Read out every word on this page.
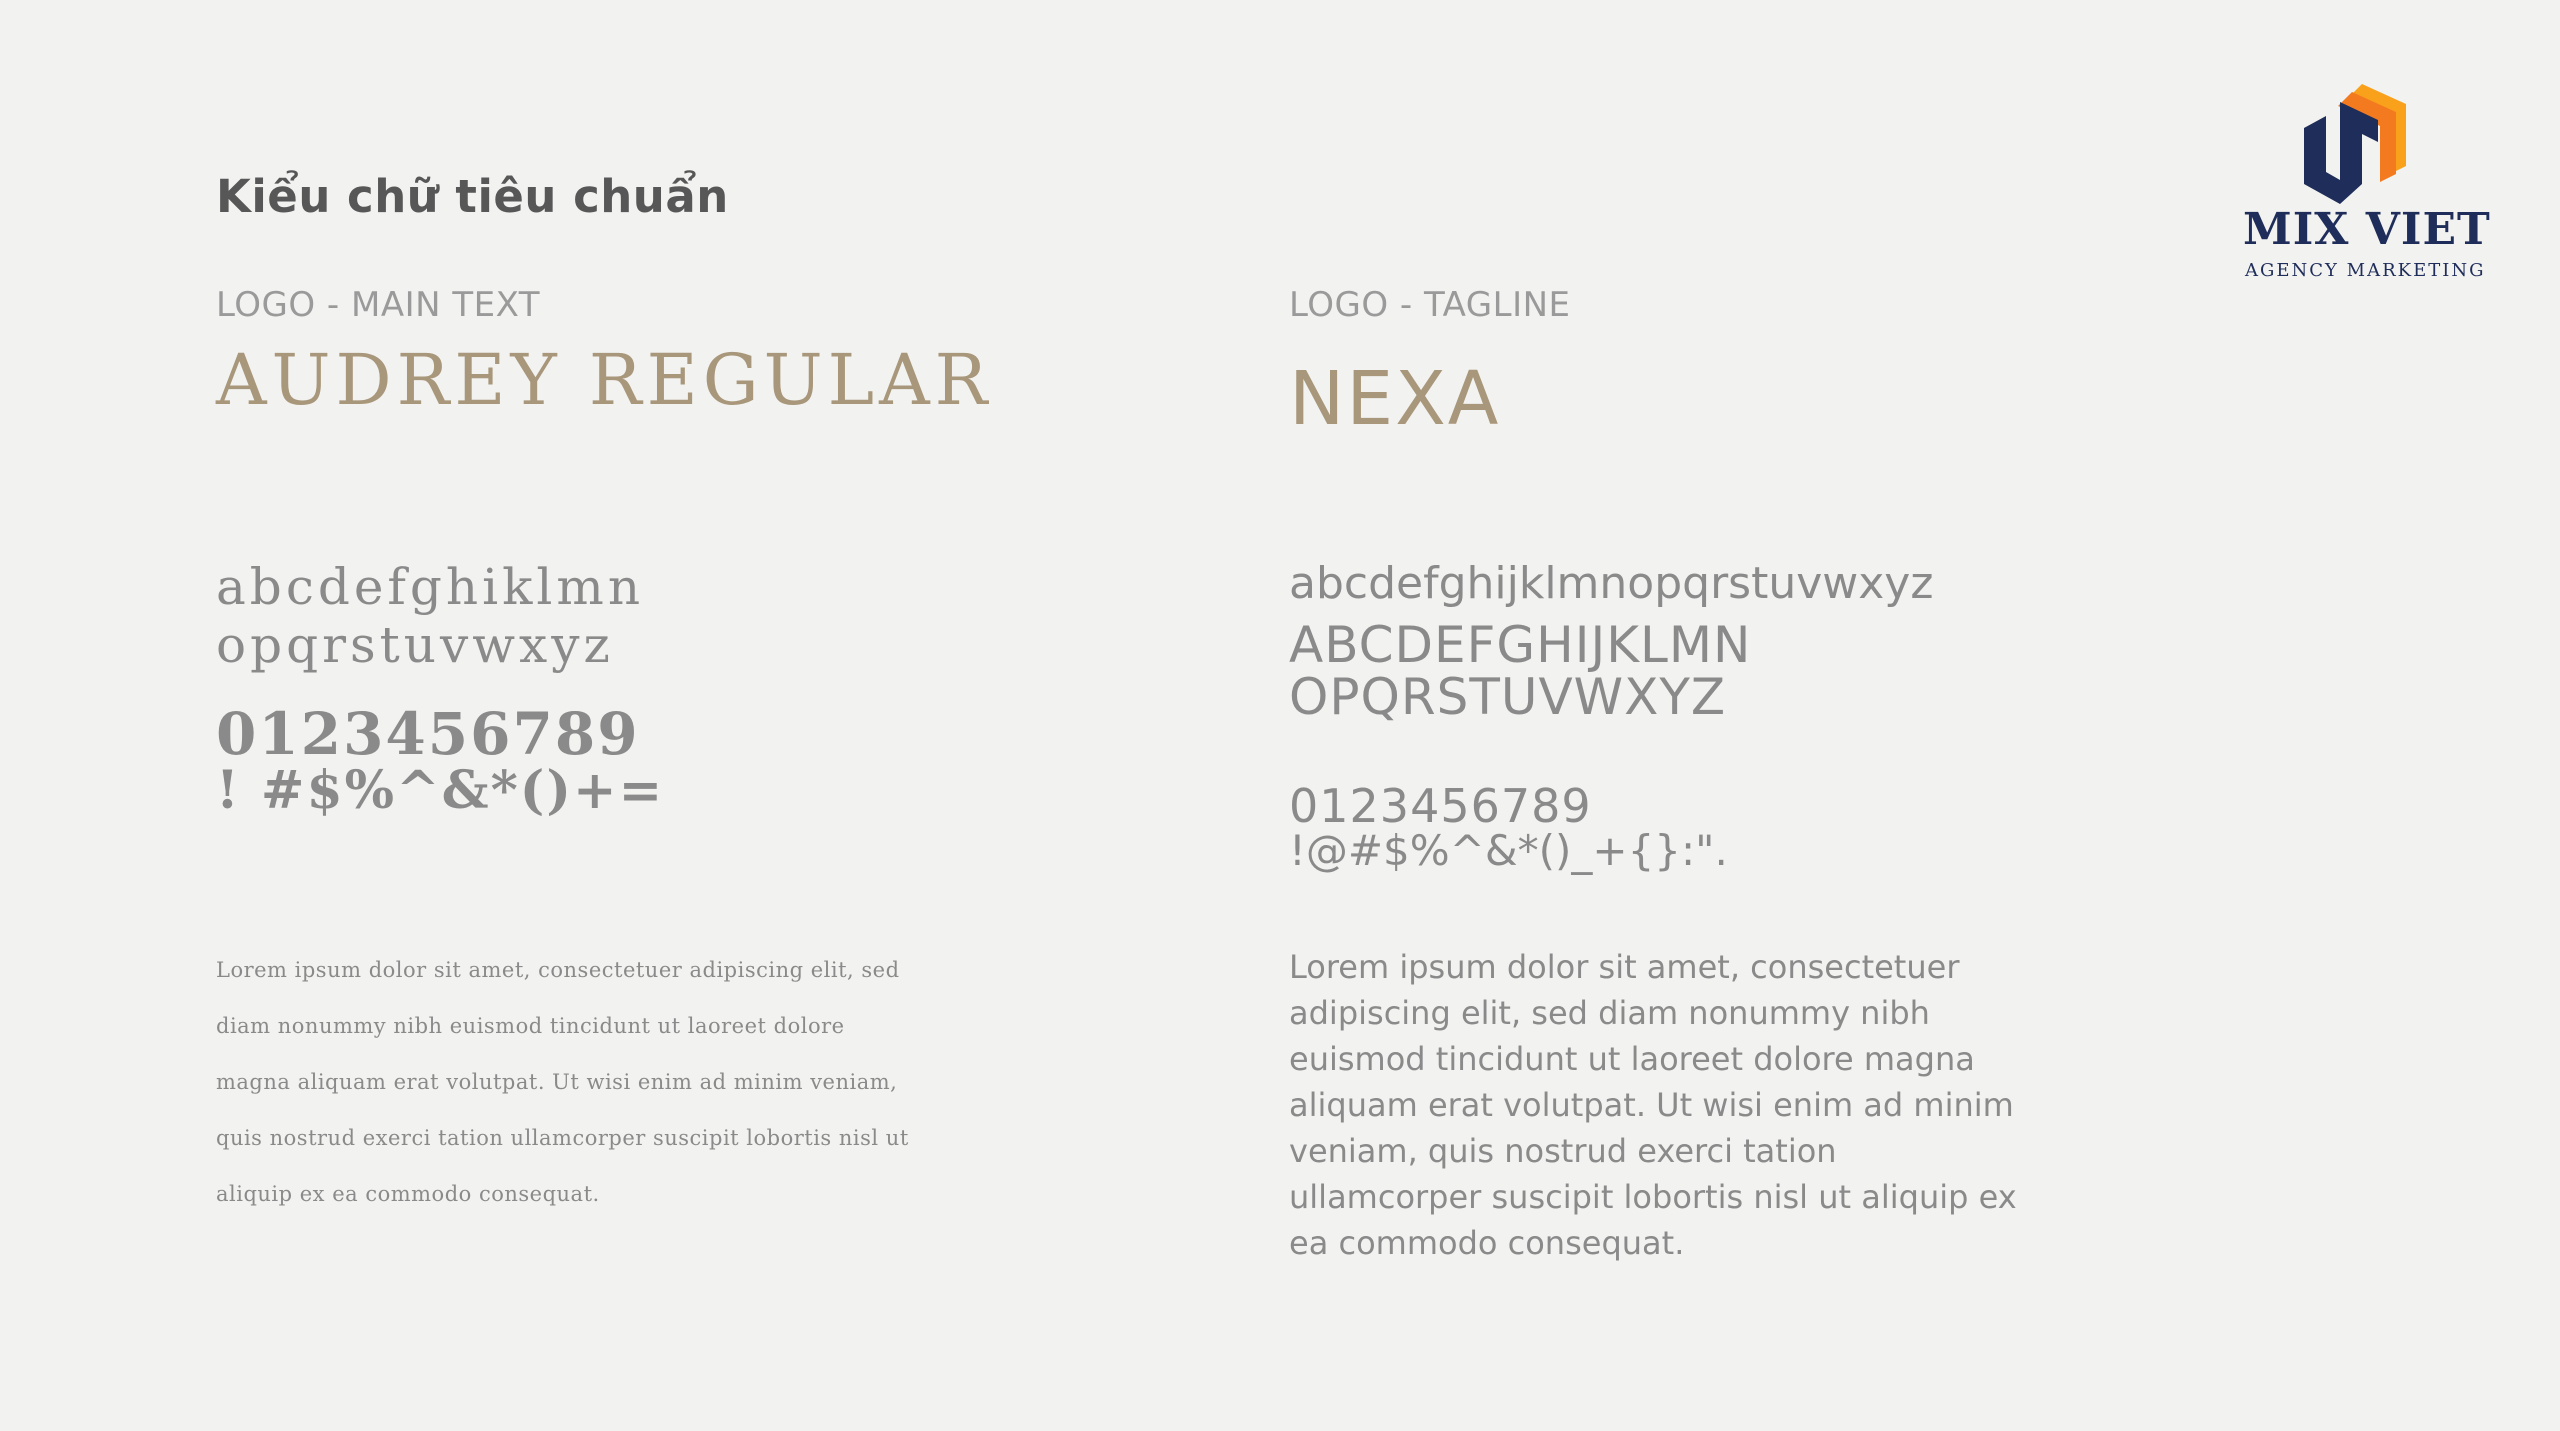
Kiểu chữ tiêu chuẩn
LOGO - MAIN TEXT	LOGO - TAGLINE
AUDREY REGULAR	NEXA
abcdefghiklmn
opqrstuvwxyz
0123456789
! #$%^&*()+=
abcdefghijklmnopqrstuvwxyz
ABCDEFGHIJKLMN
OPQRSTUVWXYZ
0123456789
!@#$%^&*()_+{}:".
Lorem ipsum dolor sit amet, consectetuer adipiscing elit, sed
diam nonummy nibh euismod tincidunt ut laoreet dolore
magna aliquam erat volutpat. Ut wisi enim ad minim veniam,
quis nostrud exerci tation ullamcorper suscipit lobortis nisl ut
aliquip ex ea commodo consequat.
Lorem ipsum dolor sit amet, consectetuer
adipiscing elit, sed diam nonummy nibh
euismod tincidunt ut laoreet dolore magna
aliquam erat volutpat. Ut wisi enim ad minim
veniam, quis nostrud exerci tation
ullamcorper suscipit lobortis nisl ut aliquip ex
ea commodo consequat.
MIX VIET
AGENCY MARKETING
